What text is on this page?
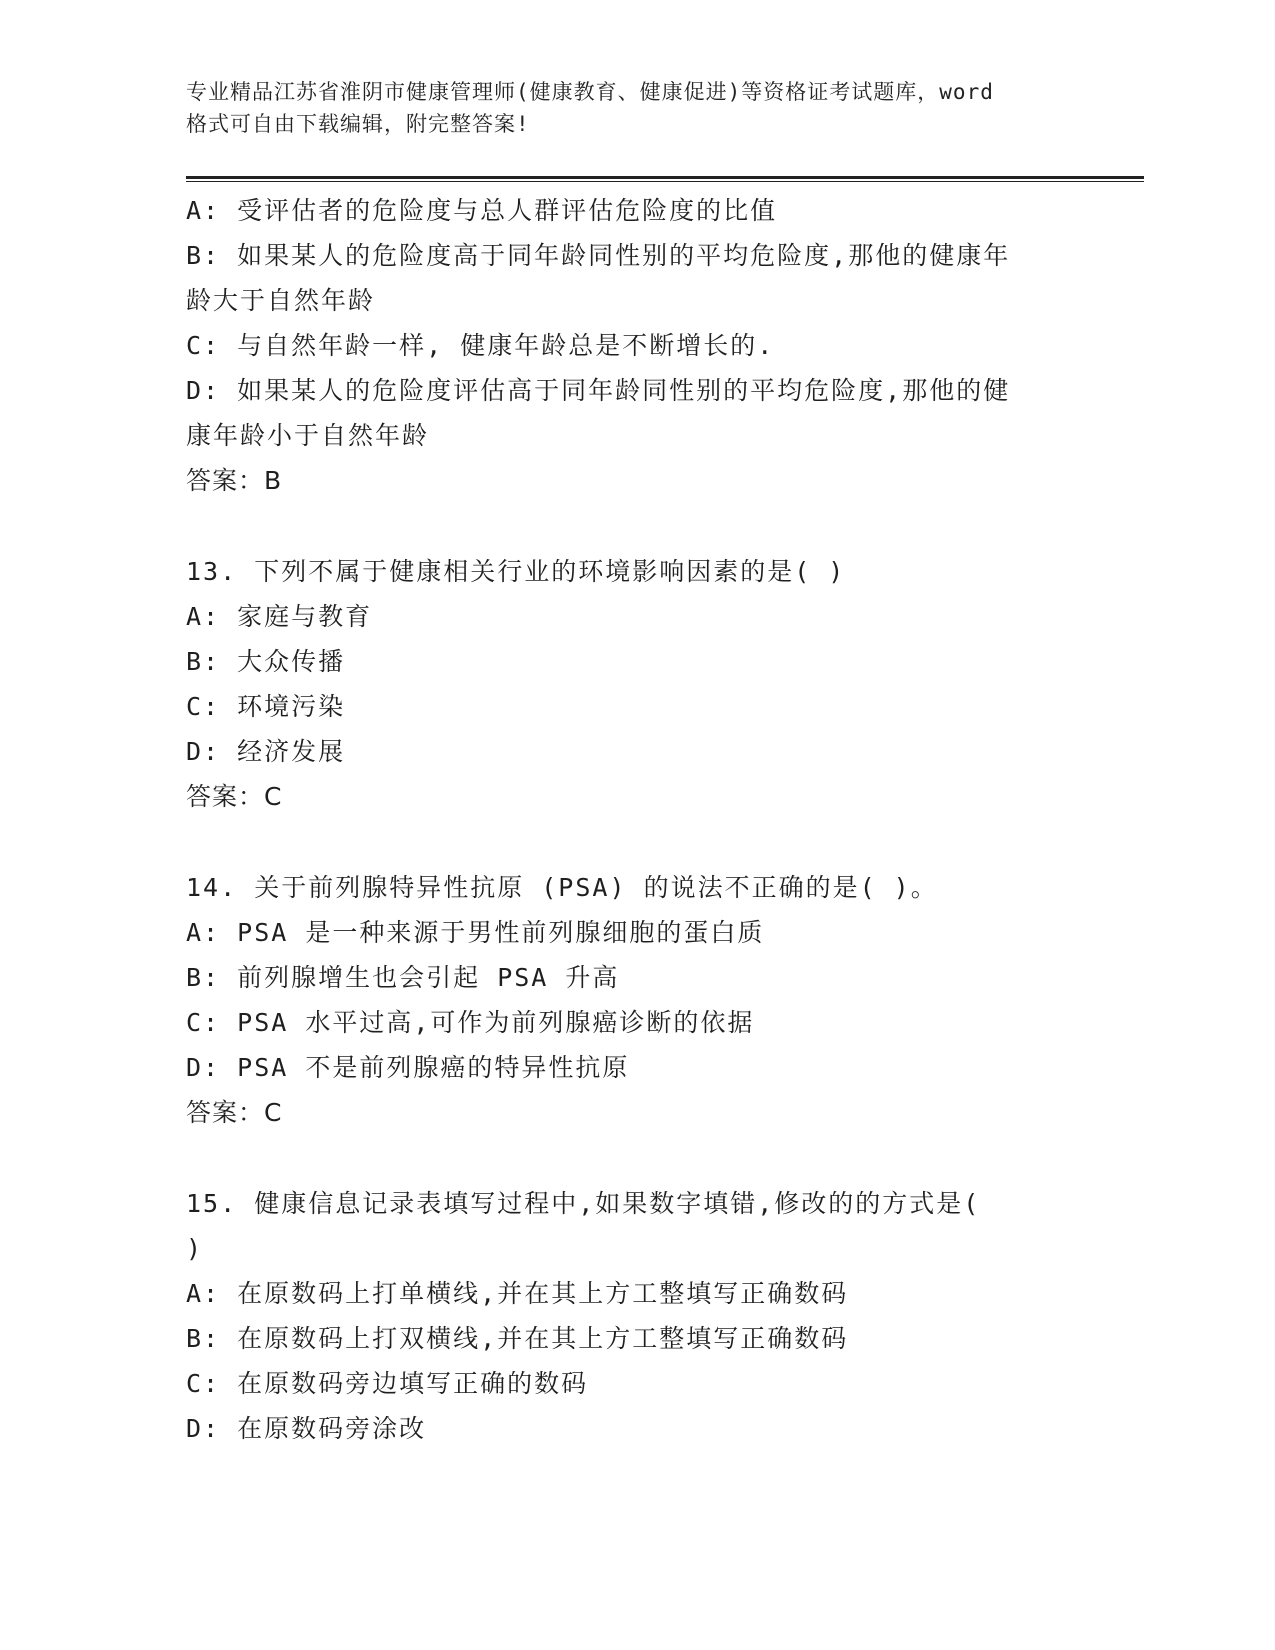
专业精品江苏省淮阴市健康管理师(健康教育、健康促进)等资格证考试题库，word
格式可自由下载编辑，附完整答案!
A: 受评估者的危险度与总人群评估危险度的比值
B: 如果某人的危险度高于同年龄同性别的平均危险度,那他的健康年
龄大于自然年龄
C: 与自然年龄一样, 健康年龄总是不断增长的.
D: 如果某人的危险度评估高于同年龄同性别的平均危险度,那他的健
康年龄小于自然年龄
答案：B
13. 下列不属于健康相关行业的环境影响因素的是( )
A: 家庭与教育
B: 大众传播
C: 环境污染
D: 经济发展
答案：C
14. 关于前列腺特异性抗原 (PSA) 的说法不正确的是( )。
A: PSA 是一种来源于男性前列腺细胞的蛋白质
B: 前列腺增生也会引起 PSA 升高
C: PSA 水平过高,可作为前列腺癌诊断的依据
D: PSA 不是前列腺癌的特异性抗原
答案：C
15. 健康信息记录表填写过程中,如果数字填错,修改的的方式是(
)
A: 在原数码上打单横线,并在其上方工整填写正确数码
B: 在原数码上打双横线,并在其上方工整填写正确数码
C: 在原数码旁边填写正确的数码
D: 在原数码旁涂改
